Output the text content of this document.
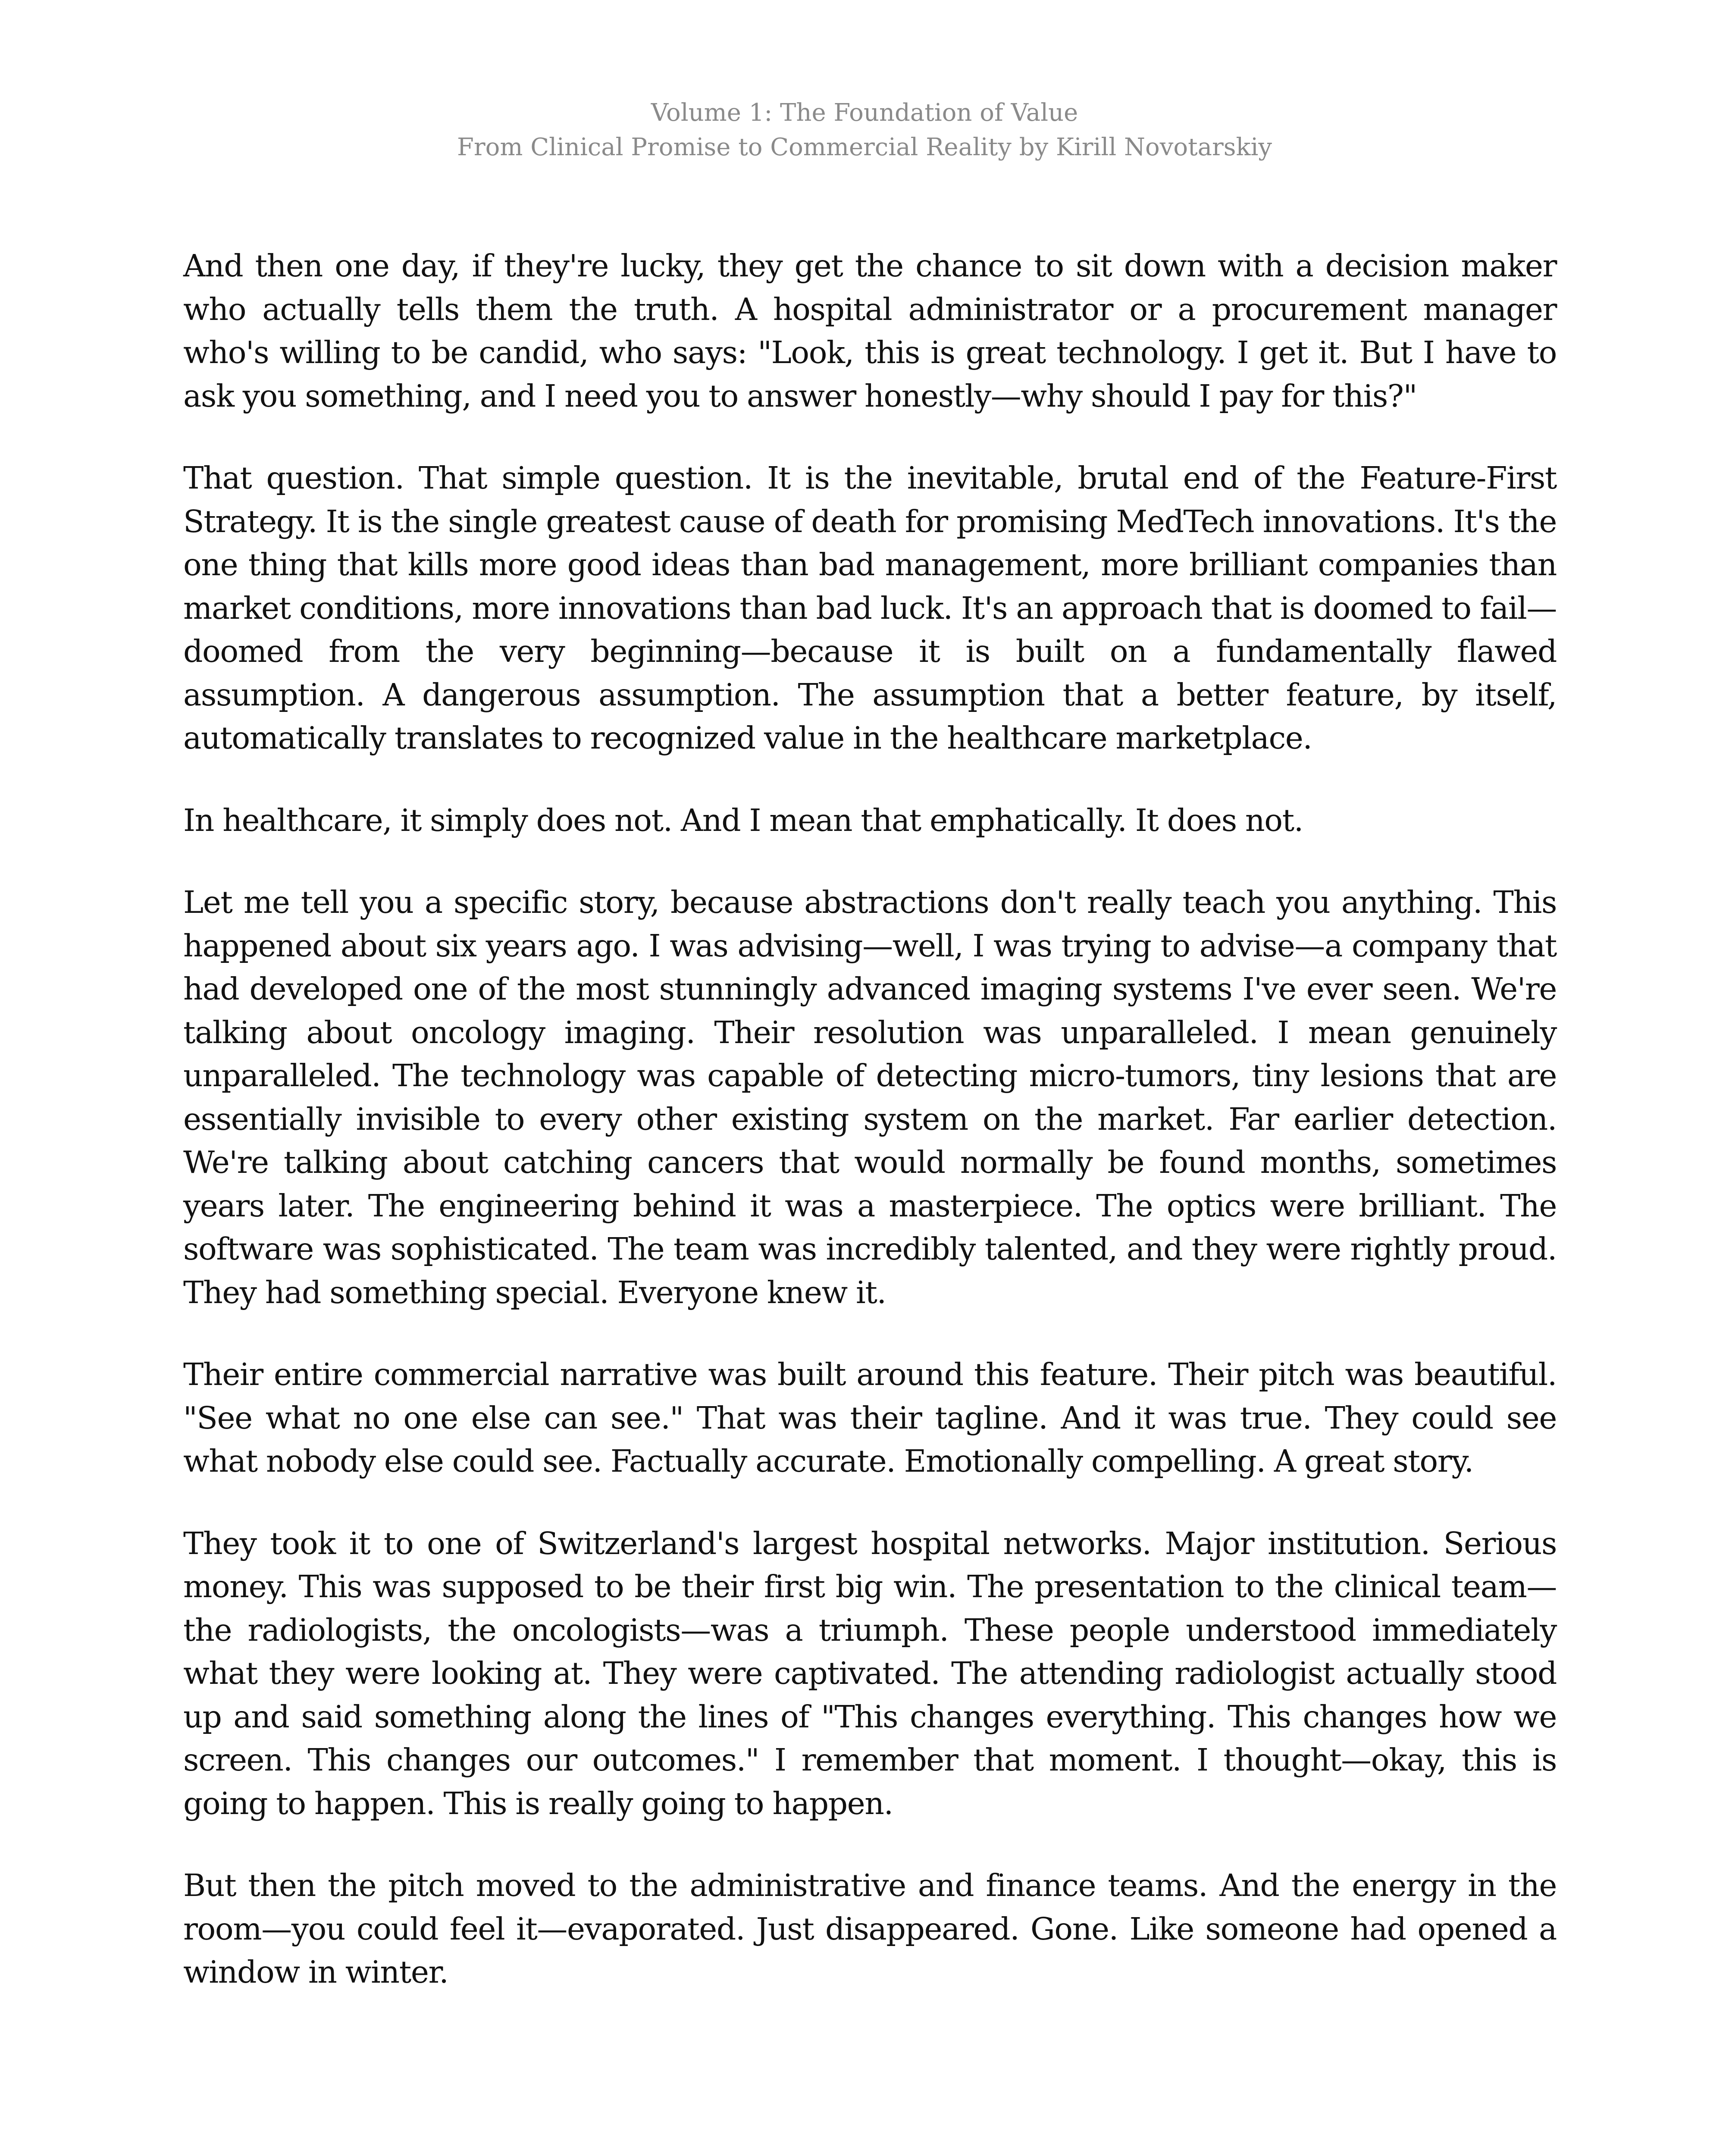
Volume 1: The Foundation of Value
From Clinical Promise to Commercial Reality by Kirill Novotarskiy

And then one day, if they're lucky, they get the chance to sit down with a decision maker who actually tells them the truth. A hospital administrator or a procurement manager who's willing to be candid, who says: "Look, this is great technology. I get it. But I have to ask you something, and I need you to answer honestly—why should I pay for this?"

That question. That simple question. It is the inevitable, brutal end of the Feature-First Strategy. It is the single greatest cause of death for promising MedTech innovations. It's the one thing that kills more good ideas than bad management, more brilliant companies than market conditions, more innovations than bad luck. It's an approach that is doomed to fail—doomed from the very beginning—because it is built on a fundamentally flawed assumption. A dangerous assumption. The assumption that a better feature, by itself, automatically translates to recognized value in the healthcare marketplace.

In healthcare, it simply does not. And I mean that emphatically. It does not.

Let me tell you a specific story, because abstractions don't really teach you anything. This happened about six years ago. I was advising—well, I was trying to advise—a company that had developed one of the most stunningly advanced imaging systems I've ever seen. We're talking about oncology imaging. Their resolution was unparalleled. I mean genuinely unparalleled. The technology was capable of detecting micro-tumors, tiny lesions that are essentially invisible to every other existing system on the market. Far earlier detection. We're talking about catching cancers that would normally be found months, sometimes years later. The engineering behind it was a masterpiece. The optics were brilliant. The software was sophisticated. The team was incredibly talented, and they were rightly proud. They had something special. Everyone knew it.

Their entire commercial narrative was built around this feature. Their pitch was beautiful. "See what no one else can see." That was their tagline. And it was true. They could see what nobody else could see. Factually accurate. Emotionally compelling. A great story.

They took it to one of Switzerland's largest hospital networks. Major institution. Serious money. This was supposed to be their first big win. The presentation to the clinical team—the radiologists, the oncologists—was a triumph. These people understood immediately what they were looking at. They were captivated. The attending radiologist actually stood up and said something along the lines of "This changes everything. This changes how we screen. This changes our outcomes." I remember that moment. I thought—okay, this is going to happen. This is really going to happen.

But then the pitch moved to the administrative and finance teams. And the energy in the room—you could feel it—evaporated. Just disappeared. Gone. Like someone had opened a window in winter.
